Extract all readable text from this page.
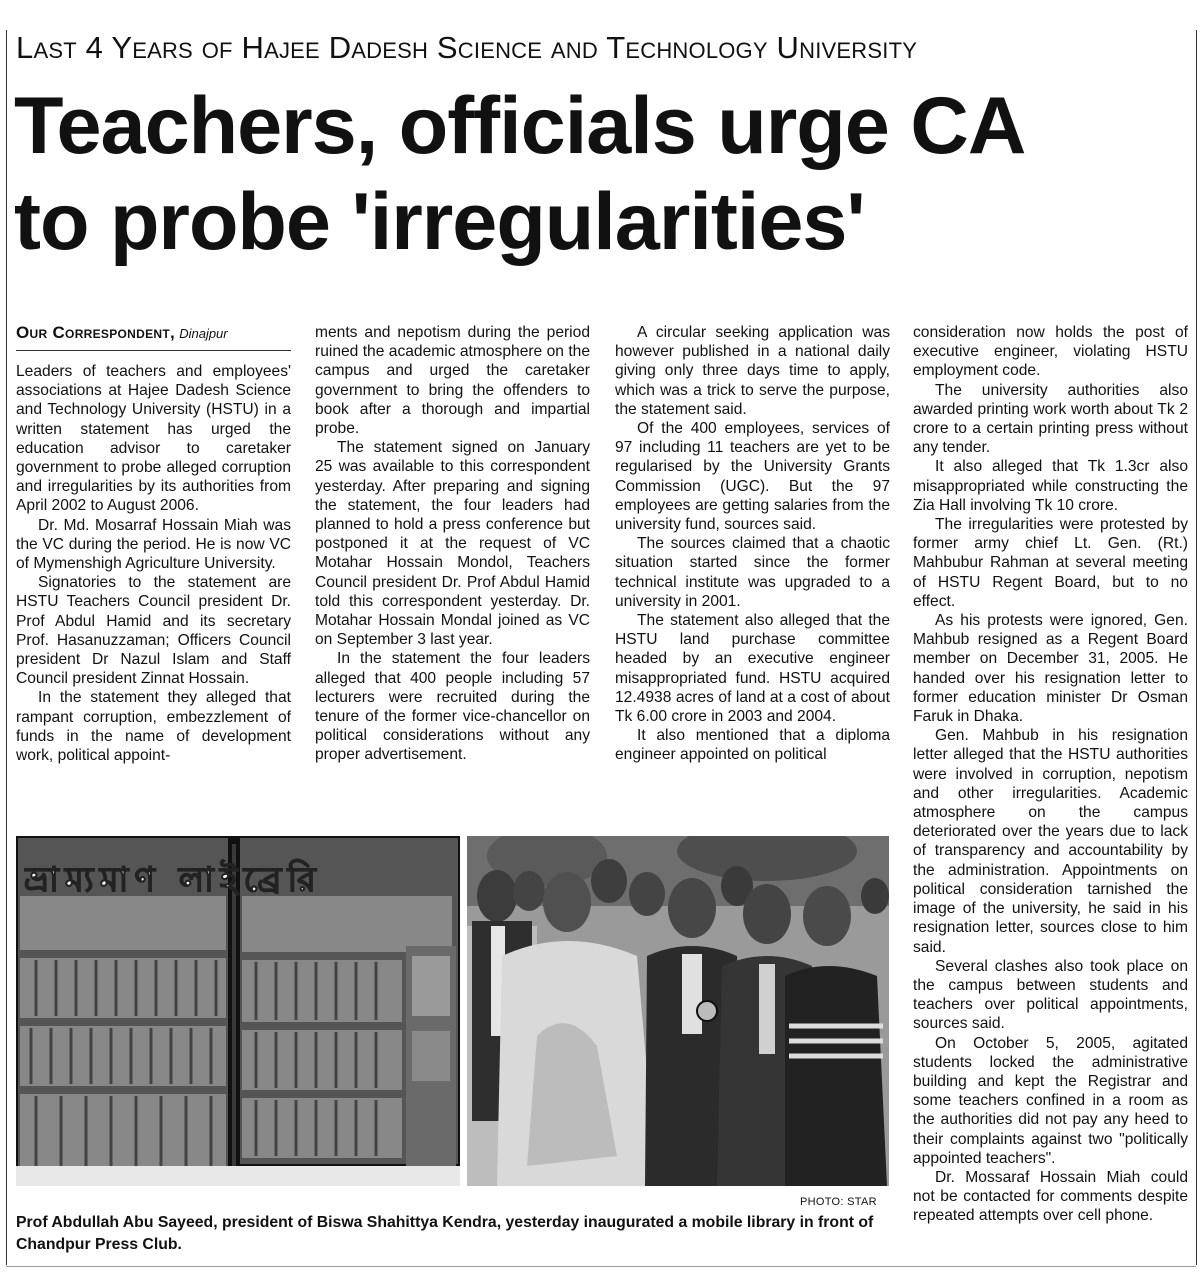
Last 4 Years of Hajee Dadesh Science and Technology University
Teachers, officials urge CA
to probe 'irregularities'
Our Correspondent, Dinajpur

Leaders of teachers and employees' associations at Hajee Dadesh Science and Technology University (HSTU) in a written statement has urged the education advisor to caretaker government to probe alleged corruption and irregularities by its authorities from April 2002 to August 2006.

Dr. Md. Mosarraf Hossain Miah was the VC during the period. He is now VC of Mymenshigh Agriculture University.

Signatories to the statement are HSTU Teachers Council president Dr. Prof Abdul Hamid and its secretary Prof. Hasanuzzaman; Officers Council president Dr Nazul Islam and Staff Council president Zinnat Hossain.

In the statement they alleged that rampant corruption, embezzlement of funds in the name of development work, political appoint-

ments and nepotism during the period ruined the academic atmosphere on the campus and urged the caretaker government to bring the offenders to book after a thorough and impartial probe.

The statement signed on January 25 was available to this correspondent yesterday. After preparing and signing the statement, the four leaders had planned to hold a press conference but postponed it at the request of VC Motahar Hossain Mondol, Teachers Council president Dr. Prof Abdul Hamid told this correspondent yesterday. Dr. Motahar Hossain Mondal joined as VC on September 3 last year.

In the statement the four leaders alleged that 400 people including 57 lecturers were recruited during the tenure of the former vice-chancellor on political considerations without any proper advertisement.

A circular seeking application was however published in a national daily giving only three days time to apply, which was a trick to serve the purpose, the statement said.

Of the 400 employees, services of 97 including 11 teachers are yet to be regularised by the University Grants Commission (UGC). But the 97 employees are getting salaries from the university fund, sources said.

The sources claimed that a chaotic situation started since the former technical institute was upgraded to a university in 2001.

The statement also alleged that the HSTU land purchase committee headed by an executive engineer misappropriated fund. HSTU acquired 12.4938 acres of land at a cost of about Tk 6.00 crore in 2003 and 2004.

It also mentioned that a diploma engineer appointed on political

consideration now holds the post of executive engineer, violating HSTU employment code.

The university authorities also awarded printing work worth about Tk 2 crore to a certain printing press without any tender.

It also alleged that Tk 1.3cr also misappropriated while constructing the Zia Hall involving Tk 10 crore.

The irregularities were protested by former army chief Lt. Gen. (Rt.) Mahbubur Rahman at several meeting of HSTU Regent Board, but to no effect.

As his protests were ignored, Gen. Mahbub resigned as a Regent Board member on December 31, 2005. He handed over his resignation letter to former education minister Dr Osman Faruk in Dhaka.

Gen. Mahbub in his resignation letter alleged that the HSTU authorities were involved in corruption, nepotism and other irregularities. Academic atmosphere on the campus deteriorated over the years due to lack of transparency and accountability by the administration. Appointments on political consideration tarnished the image of the university, he said in his resignation letter, sources close to him said.

Several clashes also took place on the campus between students and teachers over political appointments, sources said.

On October 5, 2005, agitated students locked the administrative building and kept the Registrar and some teachers confined in a room as the authorities did not pay any heed to their complaints against two "politically appointed teachers".

Dr. Mossaraf Hossain Miah could not be contacted for comments despite repeated attempts over cell phone.

ভ্রাম্যমাণ লাইব্রেরি
PHOTO: STAR
Prof Abdullah Abu Sayeed, president of Biswa Shahittya Kendra, yesterday inaugurated a mobile library in front of Chandpur Press Club.
